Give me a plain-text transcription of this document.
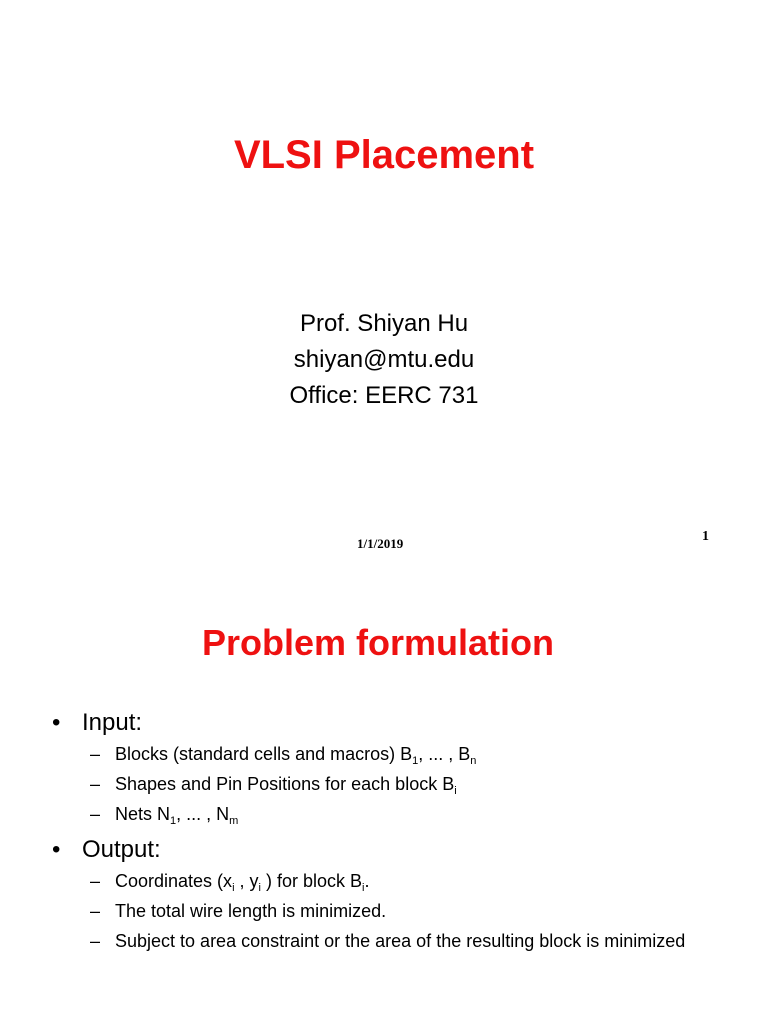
VLSI Placement
Prof. Shiyan Hu
shiyan@mtu.edu
Office: EERC 731
1/1/2019	1
Problem formulation
• Input:
– Blocks (standard cells and macros) $B_1$, ... , $B_n$
– Shapes and Pin Positions for each block $B_i$
– Nets $N_1$, ... , $N_m$
• Output:
– Coordinates ($x_i$ , $y_i$ ) for block $B_i$.
– The total wire length is minimized.
– Subject to area constraint or the area of the resulting block is minimized
